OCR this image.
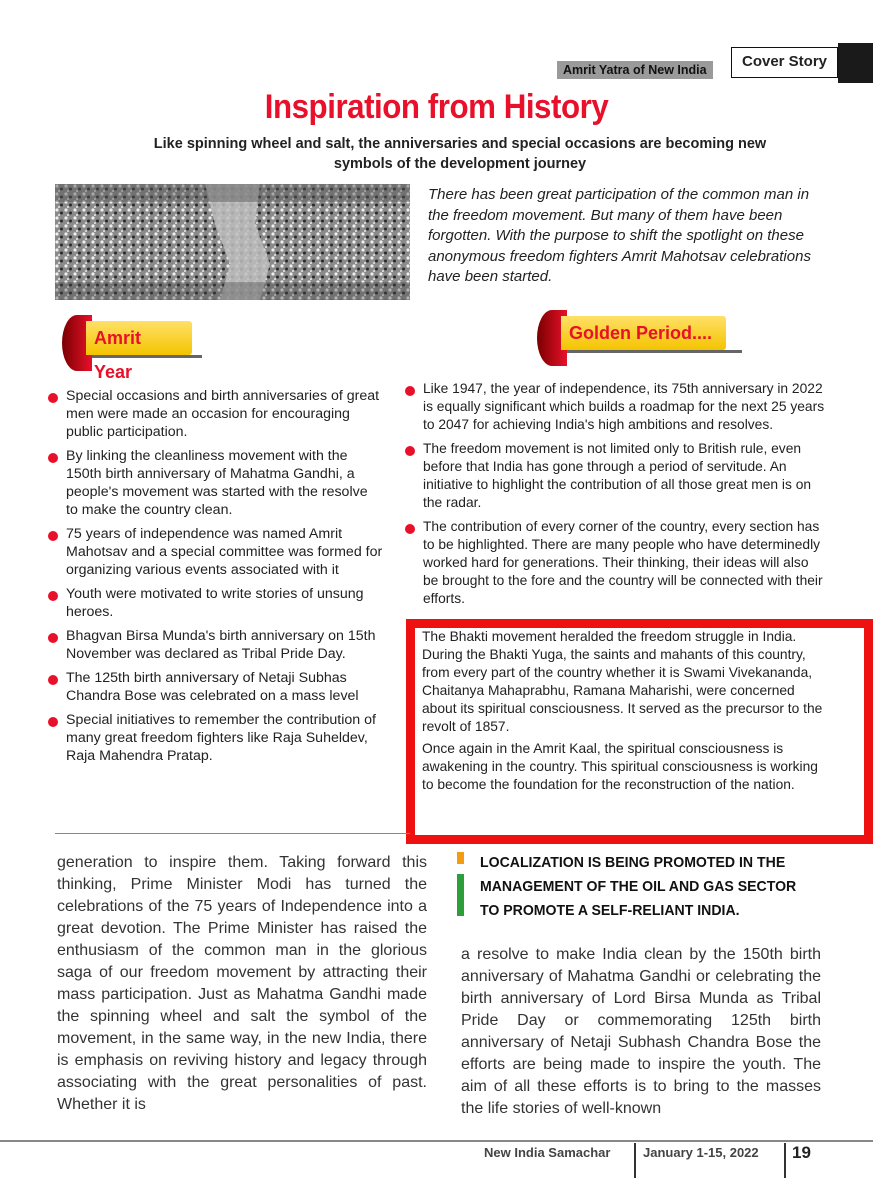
Amrit Yatra of New India	Cover Story
Inspiration from History
Like spinning wheel and salt, the anniversaries and special occasions are becoming new symbols of the development journey
There has been great participation of the common man in the freedom movement. But many of them have been forgotten. With the purpose to shift the spotlight on these anonymous freedom fighters Amrit Mahotsav celebrations have been started.
Amrit Year
Golden Period....
Special occasions and birth anniversaries of great men were made an occasion for encouraging public participation.
By linking the cleanliness movement with the 150th birth anniversary of Mahatma Gandhi, a people's movement was started with the resolve to make the country clean.
75 years of independence was named Amrit Mahotsav and a special committee was formed for organizing various events associated with it
Youth were motivated to write stories of unsung heroes.
Bhagvan Birsa Munda's birth anniversary on 15th November was declared as Tribal Pride Day.
The 125th birth anniversary of Netaji Subhas Chandra Bose was celebrated on a mass level
Special initiatives to remember the contribution of many great freedom fighters like Raja Suheldev, Raja Mahendra Pratap.
Like 1947, the year of independence, its 75th anniversary in 2022 is equally significant which builds a roadmap for the next 25 years to 2047 for achieving India's high ambitions and resolves.
The freedom movement is not limited only to British rule, even before that India has gone through a period of servitude. An initiative to highlight the contribution of all those great men is on the radar.
The contribution of every corner of the country, every section has to be highlighted. There are many people who have determinedly worked hard for generations. Their thinking, their ideas will also be brought to the fore and the country will be connected with their efforts.

The Bhakti movement heralded the freedom struggle in India. During the Bhakti Yuga, the saints and mahants of this country, from every part of the country whether it is Swami Vivekananda, Chaitanya Mahaprabhu, Ramana Maharishi, were concerned about its spiritual consciousness. It served as the precursor to the revolt of 1857.

Once again in the Amrit Kaal, the spiritual consciousness is awakening in the country. This spiritual consciousness is working to become the foundation for the reconstruction of the nation.

generation to inspire them. Taking forward this thinking, Prime Minister Modi has turned the celebrations of the 75 years of Independence into a great devotion. The Prime Minister has raised the enthusiasm of the common man in the glorious saga of our freedom movement by attracting their mass participation. Just as Mahatma Gandhi made the spinning wheel and salt the symbol of the movement, in the same way, in the new India, there is emphasis on reviving history and legacy through associating with the great personalities of past. Whether it is
LOCALIZATION IS BEING PROMOTED IN THE MANAGEMENT OF THE OIL AND GAS SECTOR TO PROMOTE A SELF-RELIANT INDIA.
a resolve to make India clean by the 150th birth anniversary of Mahatma Gandhi or celebrating the birth anniversary of Lord Birsa Munda as Tribal Pride Day or commemorating 125th birth anniversary of Netaji Subhash Chandra Bose the efforts are being made to inspire the youth. The aim of all these efforts is to bring to the masses the life stories of well-known
New India Samachar	January 1-15, 2022 19
